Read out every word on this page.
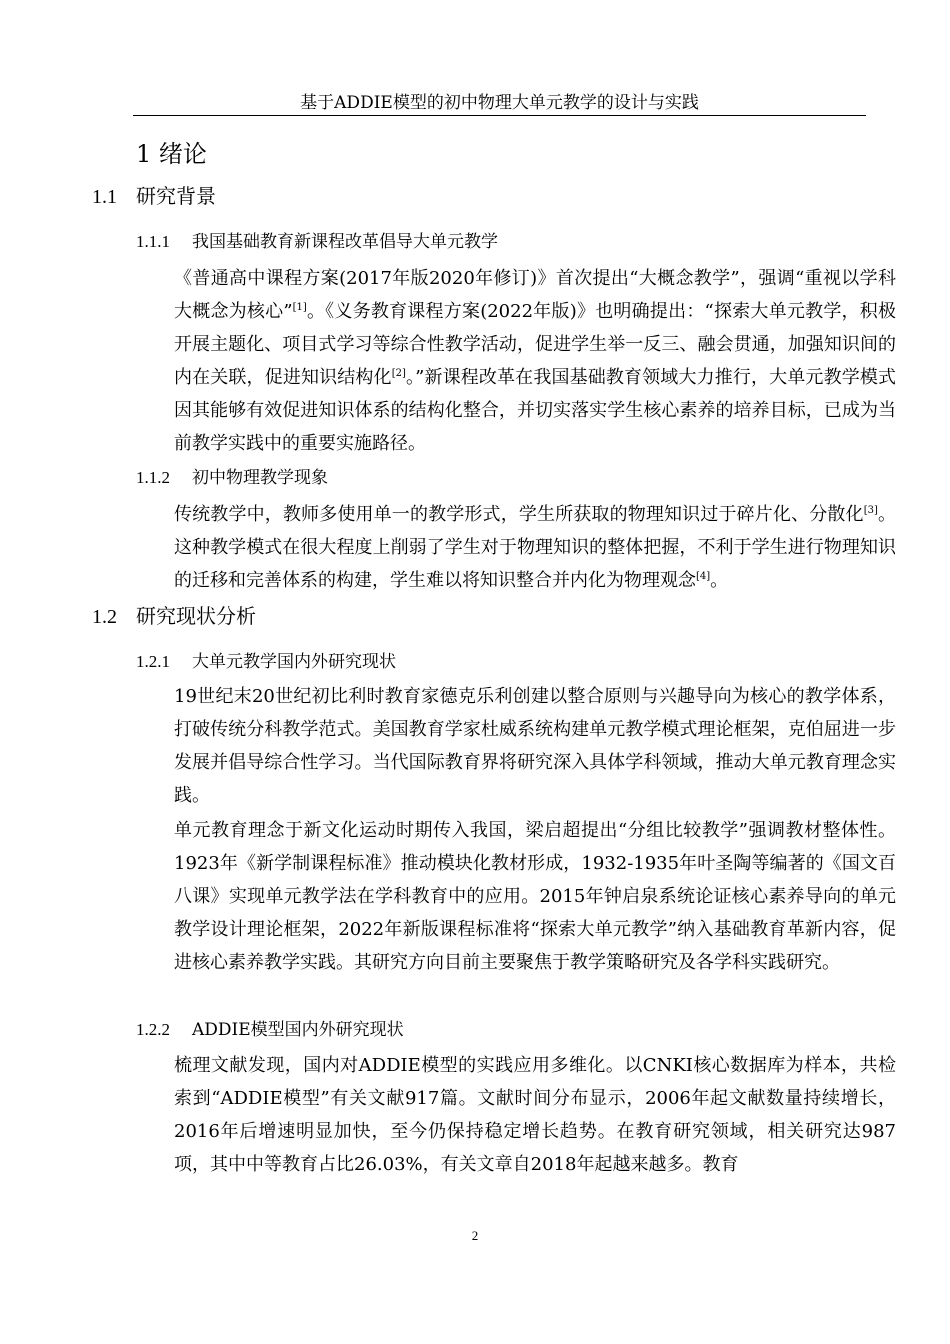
基于ADDIE模型的初中物理大单元教学的设计与实践
1 绪论
1.1 研究背景
1.1.1 我国基础教育新课程改革倡导大单元教学

《普通高中课程方案(2017年版2020年修订)》首次提出“大概念教学”，强调“重视以学科大概念为核心”[1]。《义务教育课程方案(2022年版)》也明确提出：“探索大单元教学，积极开展主题化、项目式学习等综合性教学活动，促进学生举一反三、融会贯通，加强知识间的内在关联，促进知识结构化[2]。”新课程改革在我国基础教育领域大力推行，大单元教学模式因其能够有效促进知识体系的结构化整合，并切实落实学生核心素养的培养目标，已成为当前教学实践中的重要实施路径。

1.1.2 初中物理教学现象

传统教学中，教师多使用单一的教学形式，学生所获取的物理知识过于碎片化、分散化[3]。这种教学模式在很大程度上削弱了学生对于物理知识的整体把握，不利于学生进行物理知识的迁移和完善体系的构建，学生难以将知识整合并内化为物理观念[4]。

1.2 研究现状分析
1.2.1 大单元教学国内外研究现状

19世纪末20世纪初比利时教育家德克乐利创建以整合原则与兴趣导向为核心的教学体系，打破传统分科教学范式。美国教育学家杜威系统构建单元教学模式理论框架，克伯屈进一步发展并倡导综合性学习。当代国际教育界将研究深入具体学科领域，推动大单元教育理念实践。

单元教育理念于新文化运动时期传入我国，梁启超提出“分组比较教学”强调教材整体性。1923年《新学制课程标准》推动模块化教材形成，1932-1935年叶圣陶等编著的《国文百八课》实现单元教学法在学科教育中的应用。2015年钟启泉系统论证核心素养导向的单元教学设计理论框架，2022年新版课程标准将“探索大单元教学”纳入基础教育革新内容，促进核心素养教学实践。其研究方向目前主要聚焦于教学策略研究及各学科实践研究。

1.2.2 ADDIE模型国内外研究现状

梳理文献发现，国内对ADDIE模型的实践应用多维化。以CNKI核心数据库为样本，共检索到“ADDIE模型”有关文献917篇。文献时间分布显示，2006年起文献数量持续增长，2016年后增速明显加快，至今仍保持稳定增长趋势。在教育研究领域，相关研究达987项，其中中等教育占比26.03%，有关文章自2018年起越来越多。教育

2
